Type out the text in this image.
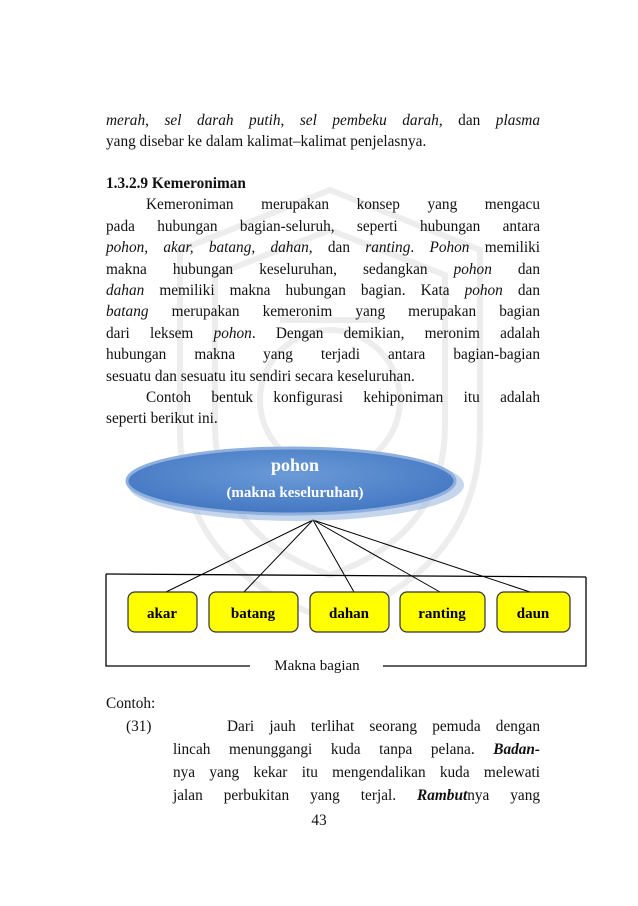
merah, sel darah putih, sel pembeku darah, dan plasma
yang disebar ke dalam kalimat–kalimat penjelasnya.
1.3.2.9 Kemeroniman
Kemeroniman merupakan konsep yang mengacu
pada hubungan bagian-seluruh, seperti hubungan antara
pohon, akar, batang, dahan, dan ranting. Pohon memiliki
makna hubungan keseluruhan, sedangkan pohon dan
dahan memiliki makna hubungan bagian. Kata pohon dan
batang merupakan kemeronim yang merupakan bagian
dari leksem pohon. Dengan demikian, meronim adalah
hubungan makna yang terjadi antara bagian-bagian
sesuatu dan sesuatu itu sendiri secara keseluruhan.
Contoh bentuk konfigurasi kehiponiman itu adalah
seperti berikut ini.
pohon
(makna keseluruhan)
Makna bagian
akar	batang	dahan	ranting	daun
Contoh:
(31)	Dari jauh terlihat seorang pemuda dengan
lincah menunggangi kuda tanpa pelana. Badan-
nya yang kekar itu mengendalikan kuda melewati
jalan perbukitan yang terjal. Rambutnya yang
43
